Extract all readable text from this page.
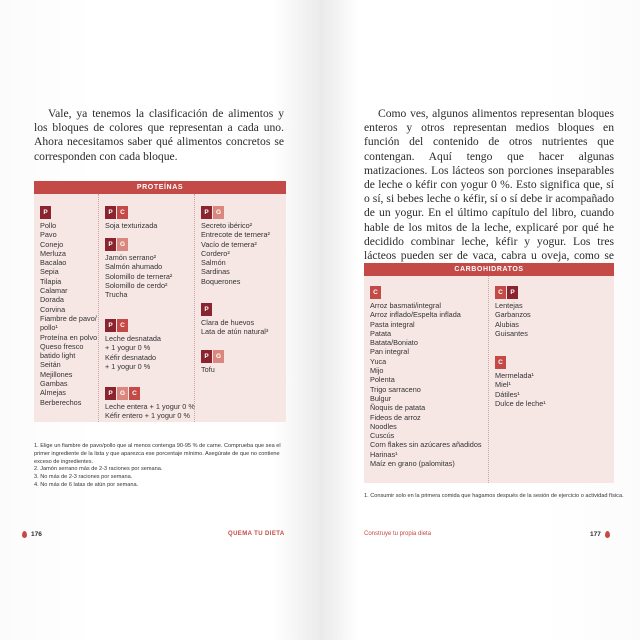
Vale, ya tenemos la clasificación de alimentos y los bloques de colores que representan a cada uno. Ahora necesitamos saber qué alimentos concretos se corresponden con cada bloque.

PROTEÍNAS
P
Pollo
Pavo
Conejo
Merluza
Bacalao
Sepia
Tilapia
Calamar
Dorada
Corvina
Fiambre de pavo/
pollo¹
Proteína en polvo
Queso fresco
batido light
Seitán
Mejillones
Gambas
Almejas
Berberechos
P	C
Soja texturizada
P	G
Jamón serrano²
Salmón ahumado
Solomillo de ternera²
Solomillo de cerdo²
Trucha
P	C
Leche desnatada
+ 1 yogur 0 %
Kéfir desnatado
+ 1 yogur 0 %
P	G	C
Leche entera + 1 yogur 0 %
Kéfir entero + 1 yogur 0 %
P	G
Secreto ibérico²
Entrecote de ternera²
Vacío de ternera²
Cordero²
Salmón
Sardinas
Boquerones
P
Clara de huevos
Lata de atún natural³
P	G
Tofu
1. Elige un fiambre de pavo/pollo que al menos contenga 90-95 % de carne. Comprueba que sea el primer ingrediente de la lista y que aparezca ese porcentaje mínimo. Asegúrate de que no contiene exceso de ingredientes.
2. Jamón serrano más de 2-3 raciones por semana.
3. No más de 2-3 raciones por semana.
4. No más de 6 latas de atún por semana.
176	QUEMA TU DIETA

Como ves, algunos alimentos representan bloques enteros y otros representan medios bloques en función del contenido de otros nutrientes que contengan. Aquí tengo que hacer algunas matizaciones. Los lácteos son porciones inseparables de leche o kéfir con yogur 0 %. Esto significa que, sí o sí, si bebes leche o kéfir, sí o sí debe ir acompañado de un yogur. En el último capítulo del libro, cuando hable de los mitos de la leche, explicaré por qué he decidido combinar leche, kéfir y yogur. Los tres lácteos pueden ser de vaca, cabra u oveja, como se

CARBOHIDRATOS
C
Arroz basmati/integral
Arroz inflado/Espelta inflada
Pasta integral
Patata
Batata/Boniato
Pan integral
Yuca
Mijo
Polenta
Trigo sarraceno
Bulgur
Ñoquis de patata
Fideos de arroz
Noodles
Cuscús
Corn flakes sin azúcares añadidos
Harinas¹
Maíz en grano (palomitas)
C	P
Lentejas
Garbanzos
Alubias
Guisantes
C
Mermelada¹
Miel¹
Dátiles¹
Dulce de leche¹
1. Consumir solo en la primera comida que hagamos después de la sesión de ejercicio o actividad física.
Construye tu propia dieta	177
